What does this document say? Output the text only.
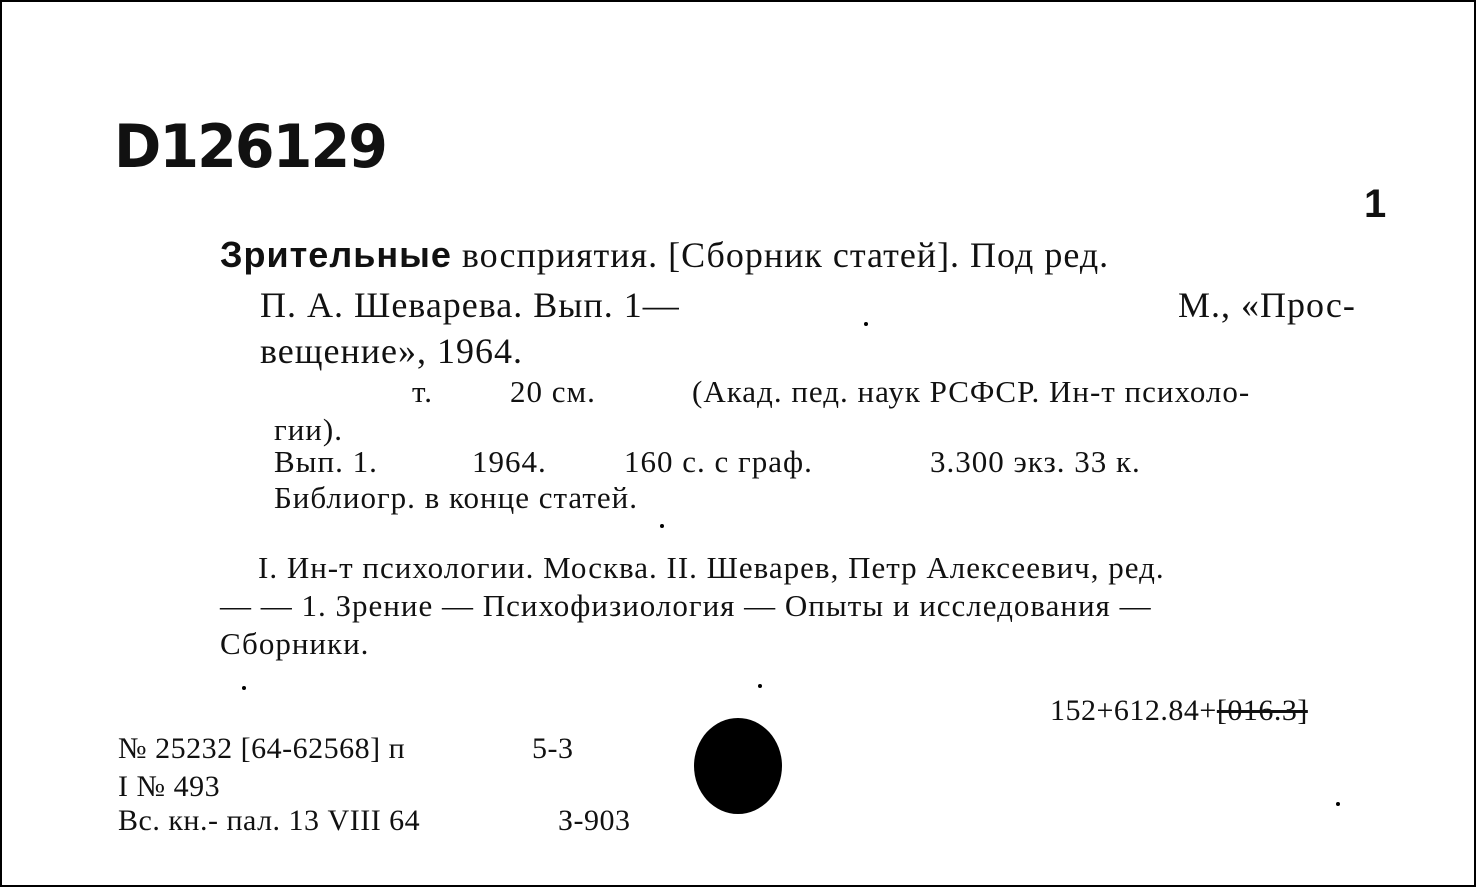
D126129
1
Зрительные восприятия. [Сборник статей]. Под ред.
П. А. Шеварева. Вып. 1—	М., «Прос-
вещение», 1964.
т. 20 см.	(Акад. пед. наук РСФСР. Ин-т психоло-
гии).
Вып. 1.	1964. 160 с. с граф.	3.300 экз. 33 к.
Библиогр. в конце статей.
I. Ин-т психологии. Москва. II. Шеварев, Петр Алексеевич, ред.
— — 1. Зрение — Психофизиология — Опыты и исследования —
Сборники.
152+612.84+[016.3]
№ 25232 [64-62568] п	5-3
I № 493
Вс. кн.- пал. 13 VIII 64	З-903
